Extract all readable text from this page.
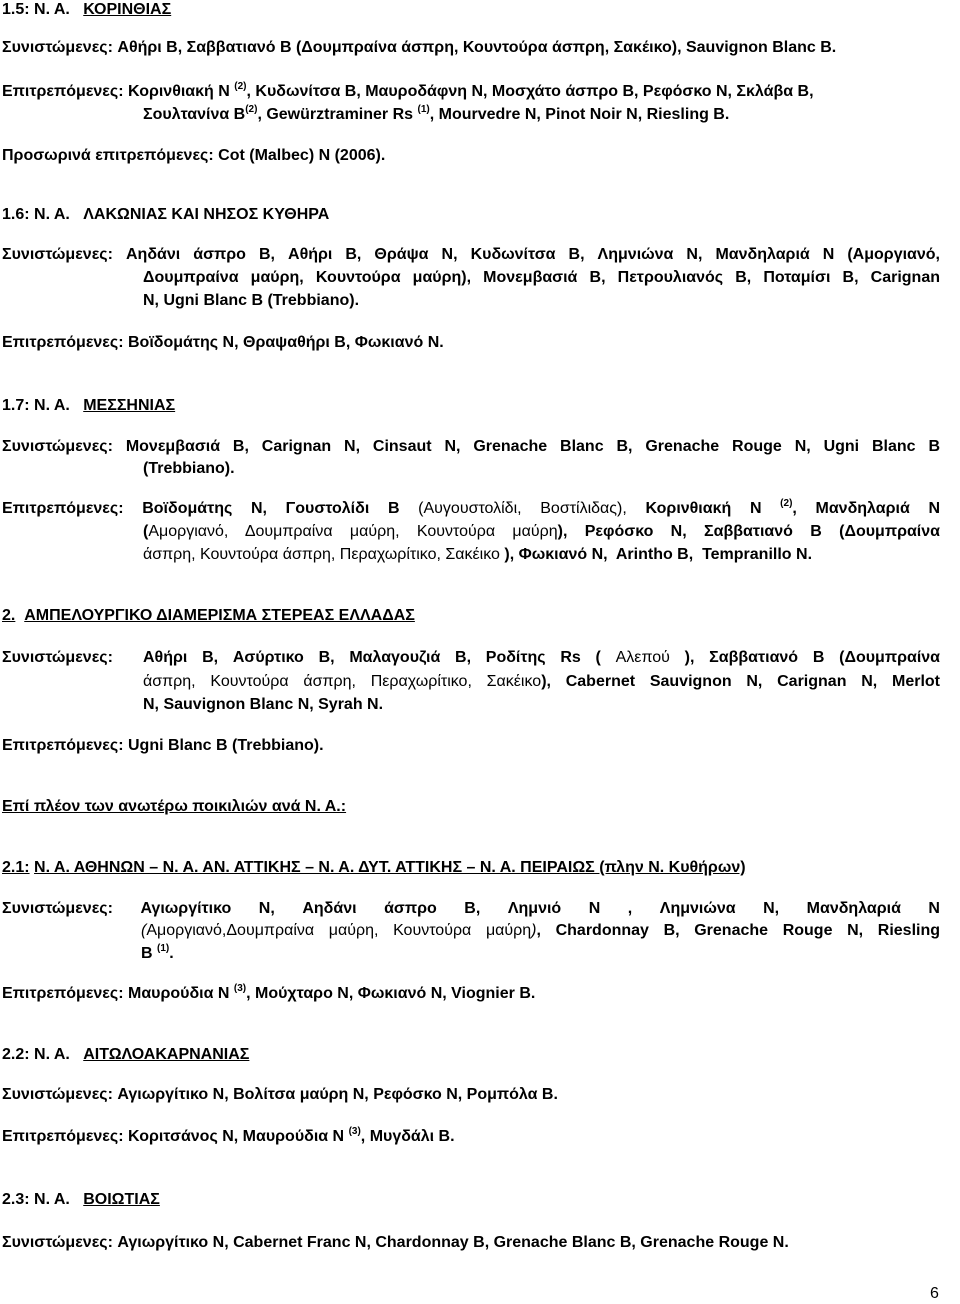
1.5: Ν. Α. ΚΟΡΙΝΘΙΑΣ
Συνιστώμενες: Αθήρι B, Σαββατιανό B (Δουμπραίνα άσπρη, Κουντούρα άσπρη, Σακέικο), Sauvignon Blanc B.
Επιτρεπόμενες: Κορινθιακή N $^{(2)}$, Κυδωνίτσα B, Μαυροδάφνη N, Μοσχάτο άσπρο B, Ρεφόσκο N, Σκλάβα B,
Σουλτανίνα $B^{(2)}$, Gewürztraminer Rs $^{(1)}$, Mourvedre N, Pinot Noir N, Riesling B.
Προσωρινά επιτρεπόμενες: Cot (Malbec) N (2006).
1.6: Ν. Α. ΛΑΚΩΝΙΑΣ ΚΑΙ ΝΗΣΟΣ ΚΥΘΗΡΑ
Συνιστώμενες: Αηδάνι άσπρο B, Αθήρι B, Θράψα N, Κυδωνίτσα B, Λημνιώνα N, Μανδηλαριά N (Αμοργιανό,
Δουμπραίνα μαύρη, Κουντούρα μαύρη), Μονεμβασιά B, Πετρουλιανός B, Ποταμίσι B, Carignan
N, Ugni Blanc B (Trebbiano).
Επιτρεπόμενες: Βοϊδομάτης N, Θραψαθήρι B, Φωκιανό N.
1.7: Ν. Α. ΜΕΣΣΗΝΙΑΣ
Συνιστώμενες: Μονεμβασιά B, Carignan N, Cinsaut N, Grenache Blanc B, Grenache Rouge N, Ugni Blanc B
(Trebbiano).
Επιτρεπόμενες: Βοϊδομάτης N, Γουστολίδι B (Αυγουστολίδι, Βοστίλιδας), Κορινθιακή N $^{(2)}$, Μανδηλαριά N
(Αμοργιανό, Δουμπραίνα μαύρη, Κουντούρα μαύρη), Ρεφόσκο N, Σαββατιανό B (Δουμπραίνα
άσπρη, Κουντούρα άσπρη, Περαχωρίτικο, Σακέικο ), Φωκιανό N,  Arintho B,  Tempranillo N.
2. ΑΜΠΕΛΟΥΡΓΙΚΟ ΔΙΑΜΕΡΙΣΜΑ ΣΤΕΡΕΑΣ ΕΛΛΑΔΑΣ
Συνιστώμενες: Αθήρι B, Ασύρτικο B, Μαλαγουζιά B, Ροδίτης Rs ( Αλεπού ), Σαββατιανό B (Δουμπραίνα
άσπρη, Κουντούρα άσπρη, Περαχωρίτικο, Σακέικο), Cabernet Sauvignon N, Carignan N, Merlot
N, Sauvignon Blanc N, Syrah N.
Επιτρεπόμενες: Ugni Blanc B (Trebbiano).
Επί πλέον των ανωτέρω ποικιλιών ανά Ν. Α.:
2.1: Ν. Α. ΑΘΗΝΩΝ – Ν. Α. ΑΝ. ΑΤΤΙΚΗΣ – Ν. Α. ΔΥΤ. ΑΤΤΙΚΗΣ – Ν. Α. ΠΕΙΡΑΙΩΣ (πλην Ν. Κυθήρων)
Συνιστώμενες: Αγιωργίτικο N, Αηδάνι άσπρο B, Λημνιό N , Λημνιώνα N, Μανδηλαριά N
(Αμοργιανό,Δουμπραίνα μαύρη, Κουντούρα μαύρη), Chardonnay B, Grenache Rouge N, Riesling
B $^{(1)}$.
Επιτρεπόμενες: Μαυρούδια N $^{(3)}$, Μούχταρο N, Φωκιανό N, Viognier B.
2.2: Ν. Α. ΑΙΤΩΛΟΑΚΑΡΝΑΝΙΑΣ
Συνιστώμενες: Αγιωργίτικο N, Βολίτσα μαύρη N, Ρεφόσκο N, Ρομπόλα B.
Επιτρεπόμενες: Κοριτσάνος N, Μαυρούδια N $^{(3)}$, Μυγδάλι B.
2.3: Ν. Α. ΒΟΙΩΤΙΑΣ
Συνιστώμενες: Αγιωργίτικο N, Cabernet Franc N, Chardonnay B, Grenache Blanc B, Grenache Rouge N.
6
